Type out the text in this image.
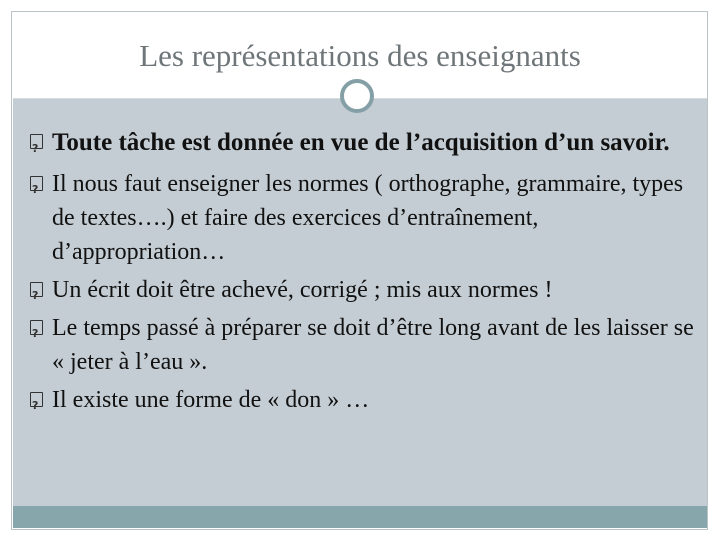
Les représentations des enseignants
?
Toute tâche est donnée en vue de l’acquisition d’un savoir.
?
Il nous faut enseigner les normes ( orthographe, grammaire, types de textes….) et faire des exercices d’entraînement, d’appropriation…
?
Un écrit doit être achevé, corrigé ; mis aux normes !
?
Le temps passé à préparer se doit d’être long avant de les laisser se « jeter à l’eau ».
?
Il existe une forme de « don » …
